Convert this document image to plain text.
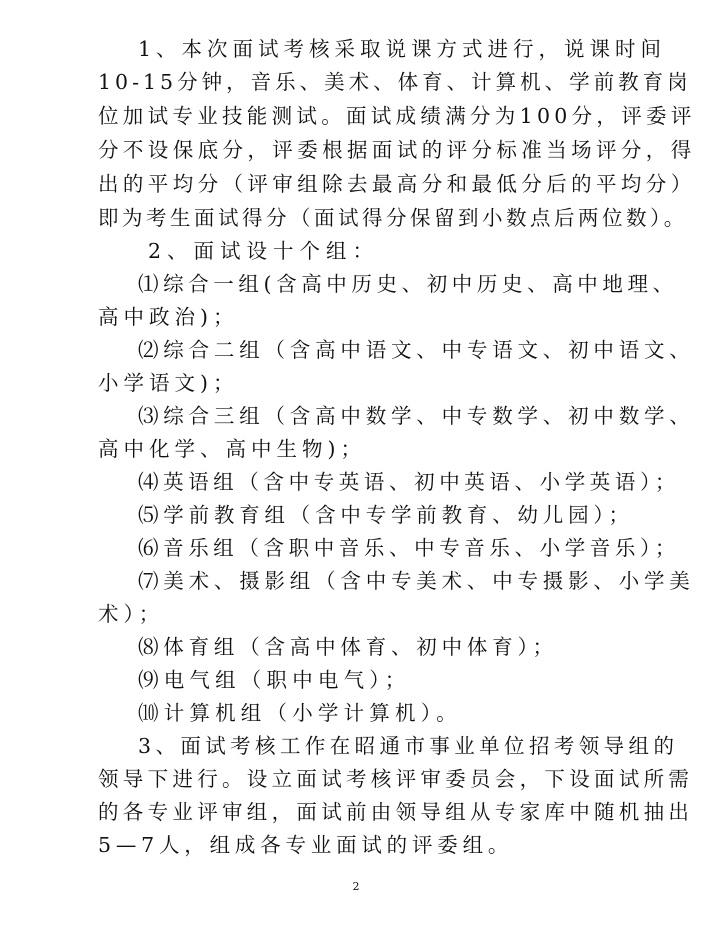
1、本次面试考核采取说课方式进行，说课时间
10-15分钟，音乐、美术、体育、计算机、学前教育岗
位加试专业技能测试。面试成绩满分为100分，评委评
分不设保底分，评委根据面试的评分标准当场评分，得
出的平均分（评审组除去最高分和最低分后的平均分）
即为考生面试得分（面试得分保留到小数点后两位数）。
2、面试设十个组：
⑴综合一组(含高中历史、初中历史、高中地理、
高中政治)；
⑵综合二组（含高中语文、中专语文、初中语文、
小学语文)；
⑶综合三组（含高中数学、中专数学、初中数学、
高中化学、高中生物)；
⑷英语组（含中专英语、初中英语、小学英语）；
⑸学前教育组（含中专学前教育、幼儿园）；
⑹音乐组（含职中音乐、中专音乐、小学音乐）；
⑺美术、摄影组（含中专美术、中专摄影、小学美
术）；
⑻体育组（含高中体育、初中体育）；
⑼电气组（职中电气）；
⑽计算机组（小学计算机）。
3、面试考核工作在昭通市事业单位招考领导组的
领导下进行。设立面试考核评审委员会，下设面试所需
的各专业评审组，面试前由领导组从专家库中随机抽出
5—7人，组成各专业面试的评委组。
2
